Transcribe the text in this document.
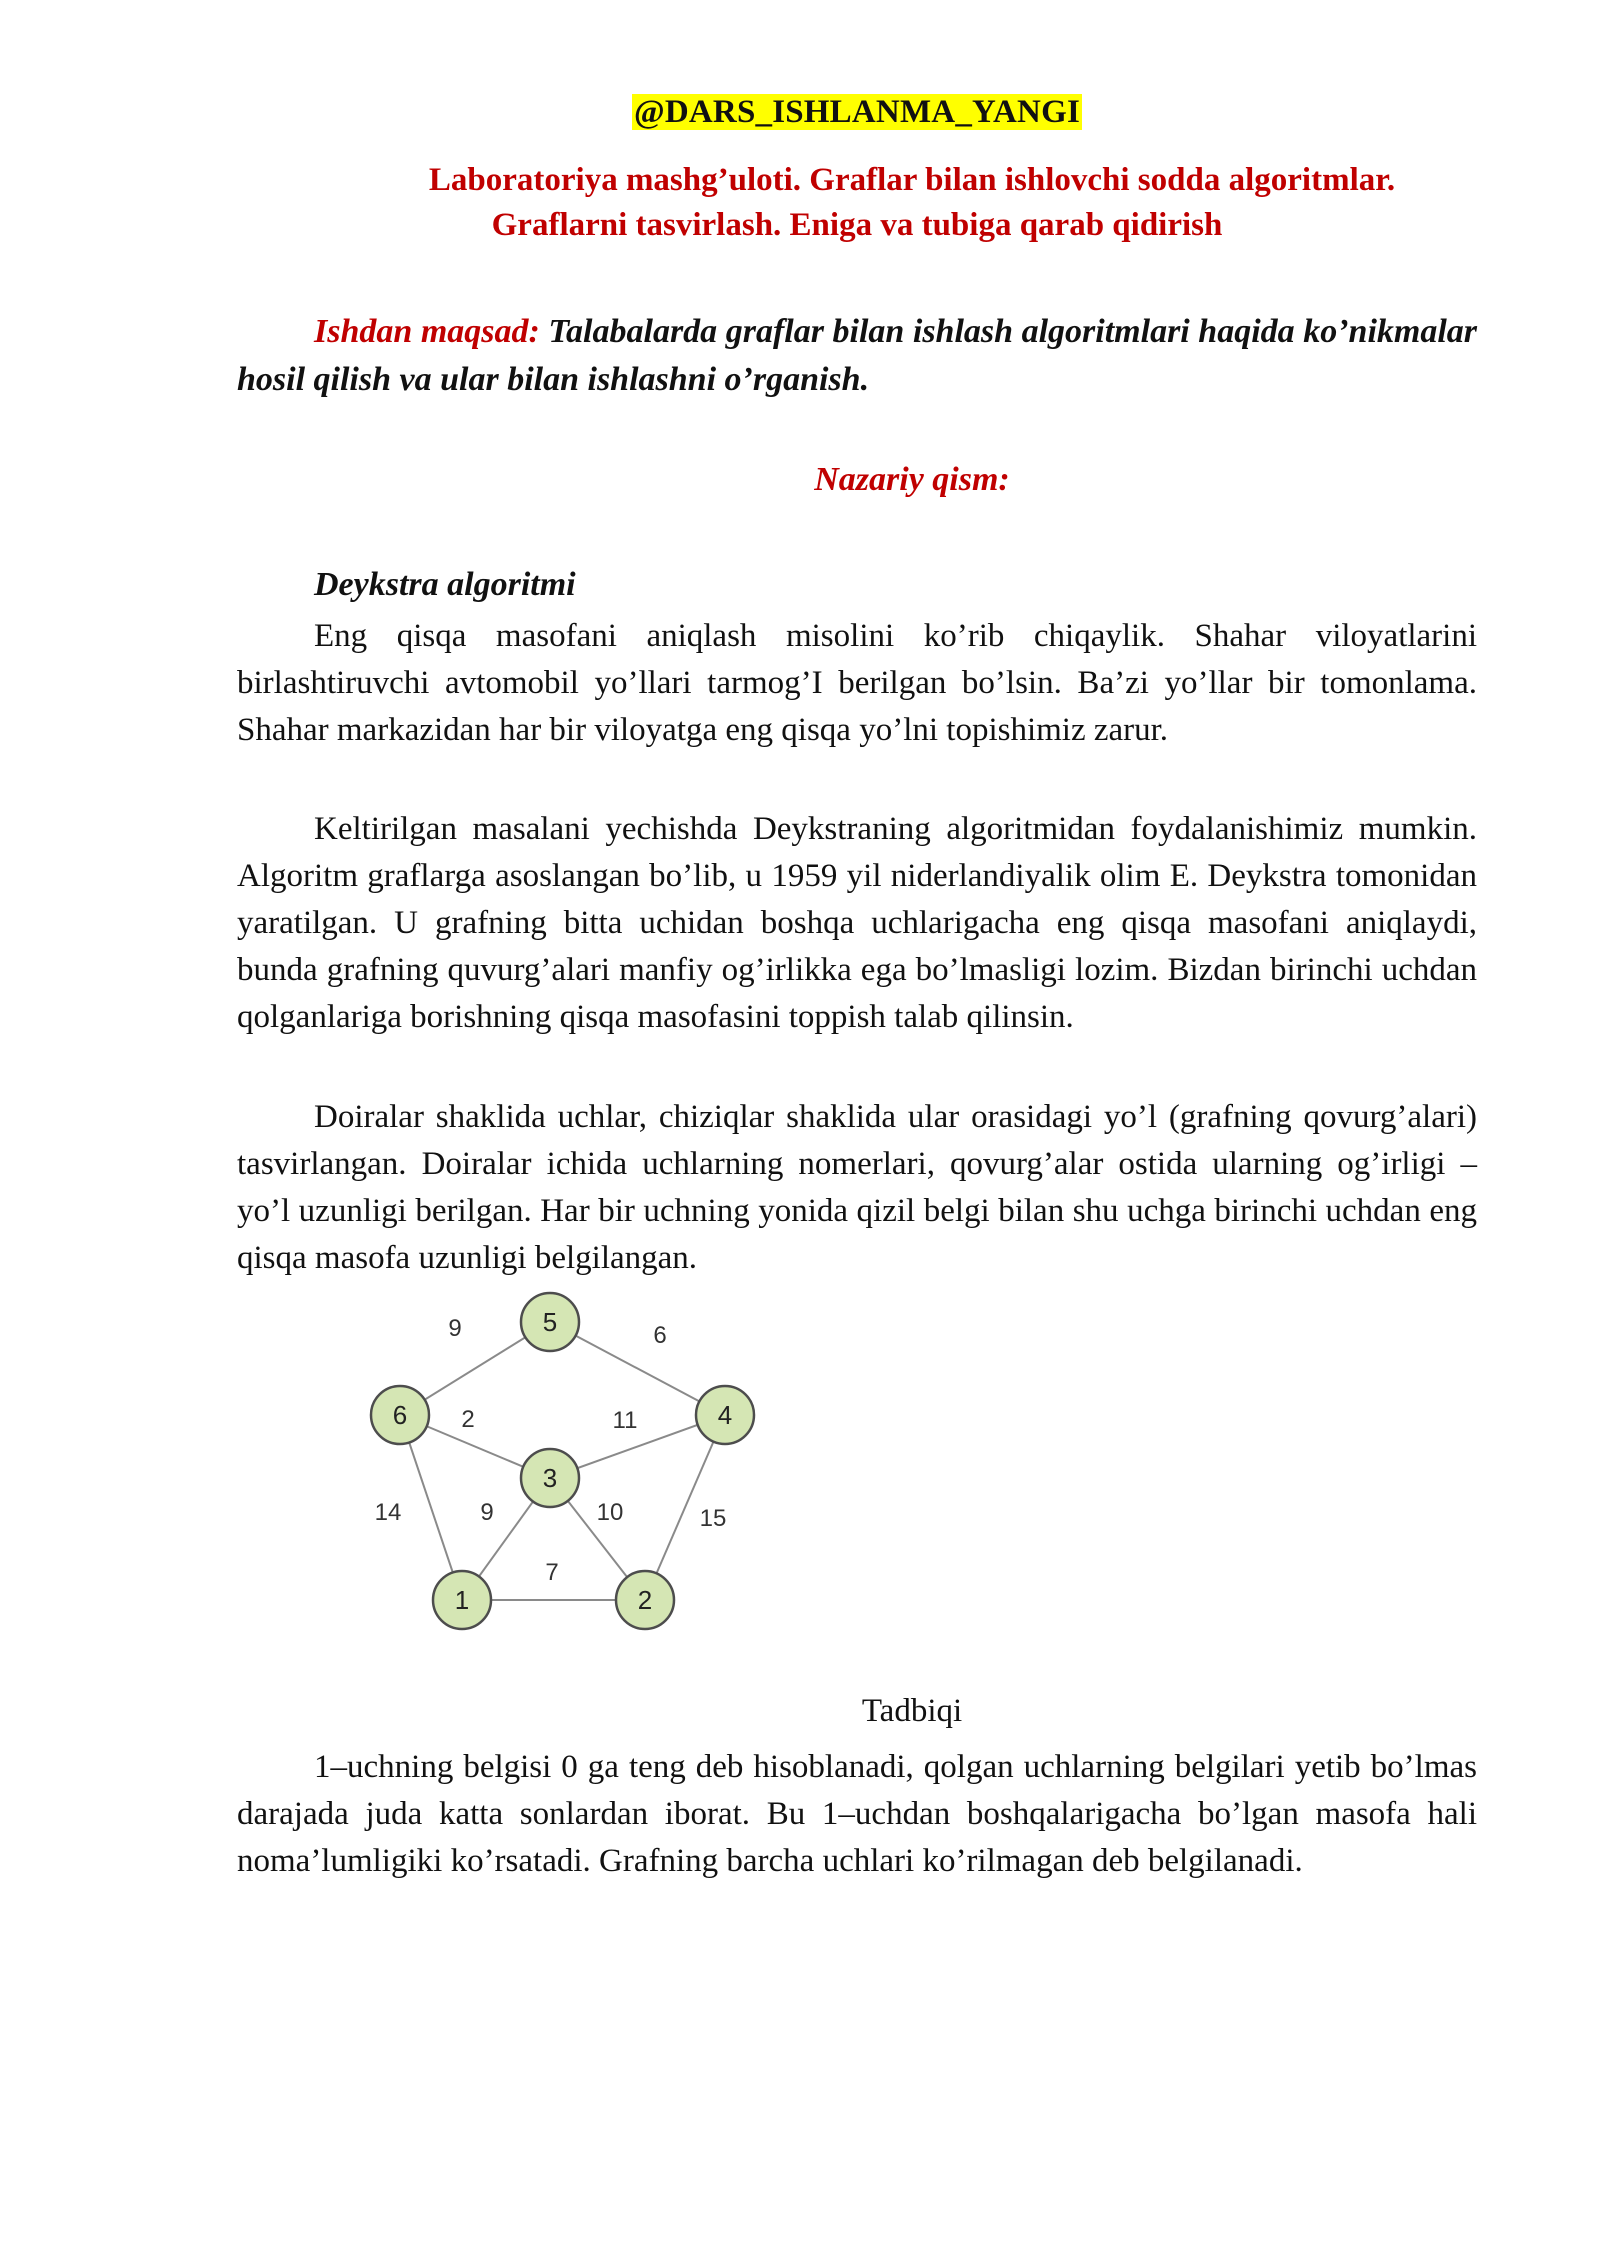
@DARS_ISHLANMA_YANGI
Laboratoriya mashg’uloti. Graflar bilan ishlovchi sodda algoritmlar.
Graflarni tasvirlash. Eniga va tubiga qarab qidirish
Ishdan maqsad: Talabalarda graflar bilan ishlash algoritmlari haqida ko’nikmalar hosil qilish va ular bilan ishlashni o’rganish.
Nazariy qism:
Deykstra algoritmi
Eng qisqa masofani aniqlash misolini ko’rib chiqaylik. Shahar viloyatlarini birlashtiruvchi avtomobil yo’llari tarmog’I berilgan bo’lsin. Ba’zi yo’llar bir tomonlama. Shahar markazidan har bir viloyatga eng qisqa yo’lni topishimiz zarur.
Keltirilgan masalani yechishda Deykstraning algoritmidan foydalanishimiz mumkin. Algoritm graflarga asoslangan bo’lib, u 1959 yil niderlandiyalik olim E. Deykstra tomonidan yaratilgan. U grafning bitta uchidan boshqa uchlarigacha eng qisqa masofani aniqlaydi, bunda grafning quvurg’alari manfiy og’irlikka ega bo’lmasligi lozim. Bizdan birinchi uchdan qolganlariga borishning qisqa masofasini toppish talab qilinsin.
Doiralar shaklida uchlar, chiziqlar shaklida ular orasidagi yo’l (grafning qovurg’alari) tasvirlangan. Doiralar ichida uchlarning nomerlari, qovurg’alar ostida ularning og’irligi – yo’l uzunligi berilgan. Har bir uchning yonida qizil belgi bilan shu uchga birinchi uchdan eng qisqa masofa uzunligi belgilangan.
9	6
2	11
14	9	10	15
7
1	2
3
4
5
6
Tadbiqi
1–uchning belgisi 0 ga teng deb hisoblanadi, qolgan uchlarning belgilari yetib bo’lmas darajada juda katta sonlardan iborat. Bu 1–uchdan boshqalarigacha bo’lgan masofa hali noma’lumligiki ko’rsatadi. Grafning barcha uchlari ko’rilmagan deb belgilanadi.
